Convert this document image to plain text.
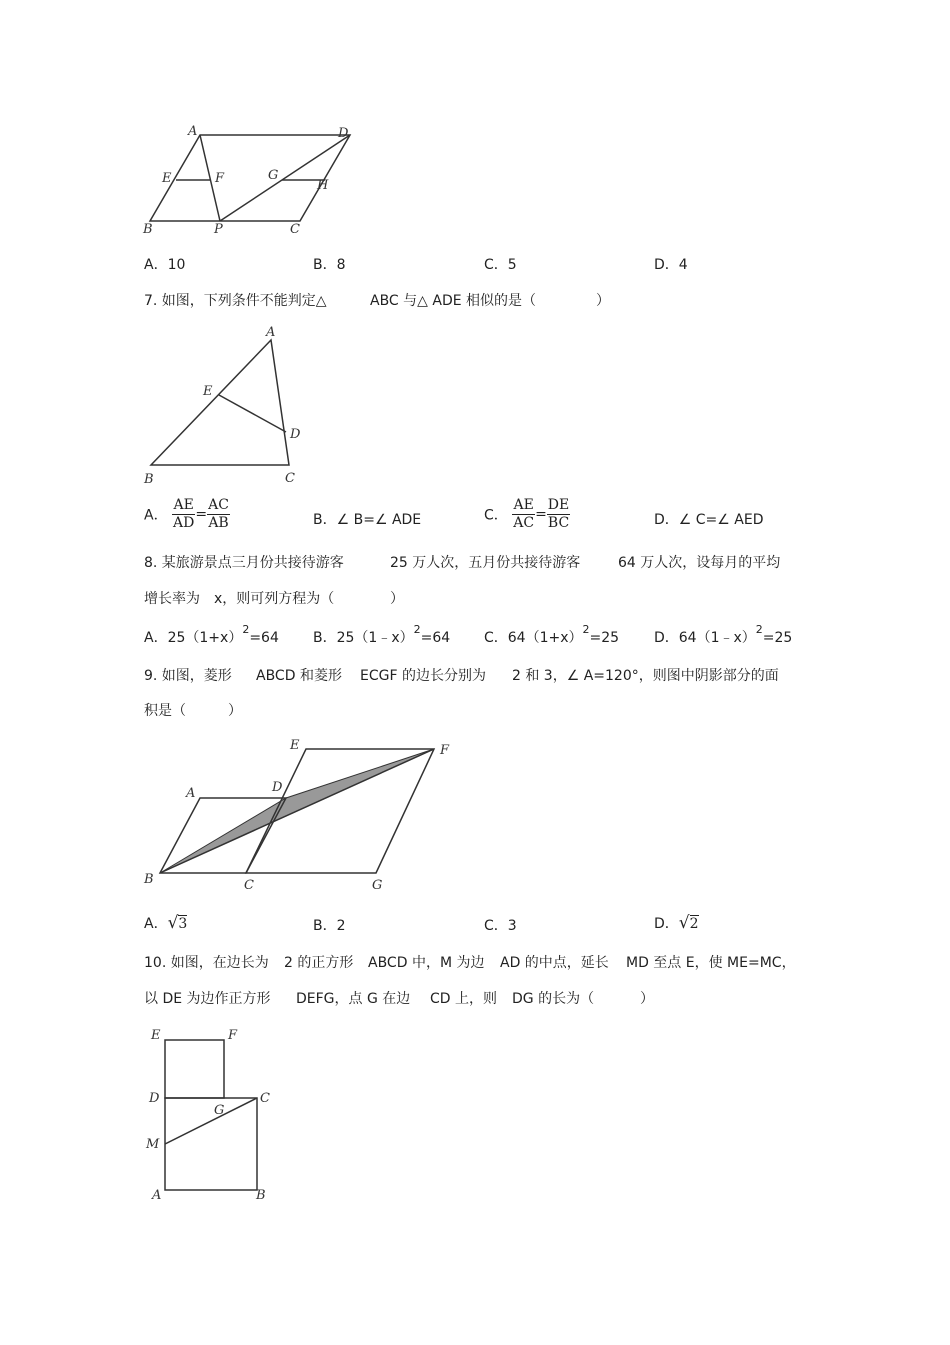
A	D
E	F	G
H
B	P	C
A．10	B．8	C．5	D．4
7. 如图，下列条件不能判定△	ABC 与△ ADE 相似的是（	）
A
E
D
B	C
A． $\frac{AE}{AD} = \frac{AC}{AB}$	B．∠ B=∠ ADE	C． $\frac{AE}{AC} = \frac{DE}{BC}$	D．∠ C=∠ AED
8. 某旅游景点三月份共接待游客	25 万人次，五月份共接待游客	64 万人次，设每月的平均
增长率为 x，则可列方程为（	）
A．$25(1+x)^2=64$ B．25（1﹣x）$^2$=64 C．$64(1+x)^2=25$ D．64（1﹣x）$^2$=25
9. 如图，菱形 ABCD 和菱形 ECGF 的边长分别为 2 和 3，∠ A=120°，则图中阴影部分的面
积是（	）
E	F
A	D
B	C	G
A．√3	B．2	C．3	D．√2
10. 如图，在边长为 2 的正方形 ABCD 中，M 为边 AD 的中点，延长 MD 至点 E，使 ME=MC，
以 DE 为边作正方形 DEFG，点 G 在边 CD 上，则 DG 的长为（	）
E	F
D
G
C
M
A	B
